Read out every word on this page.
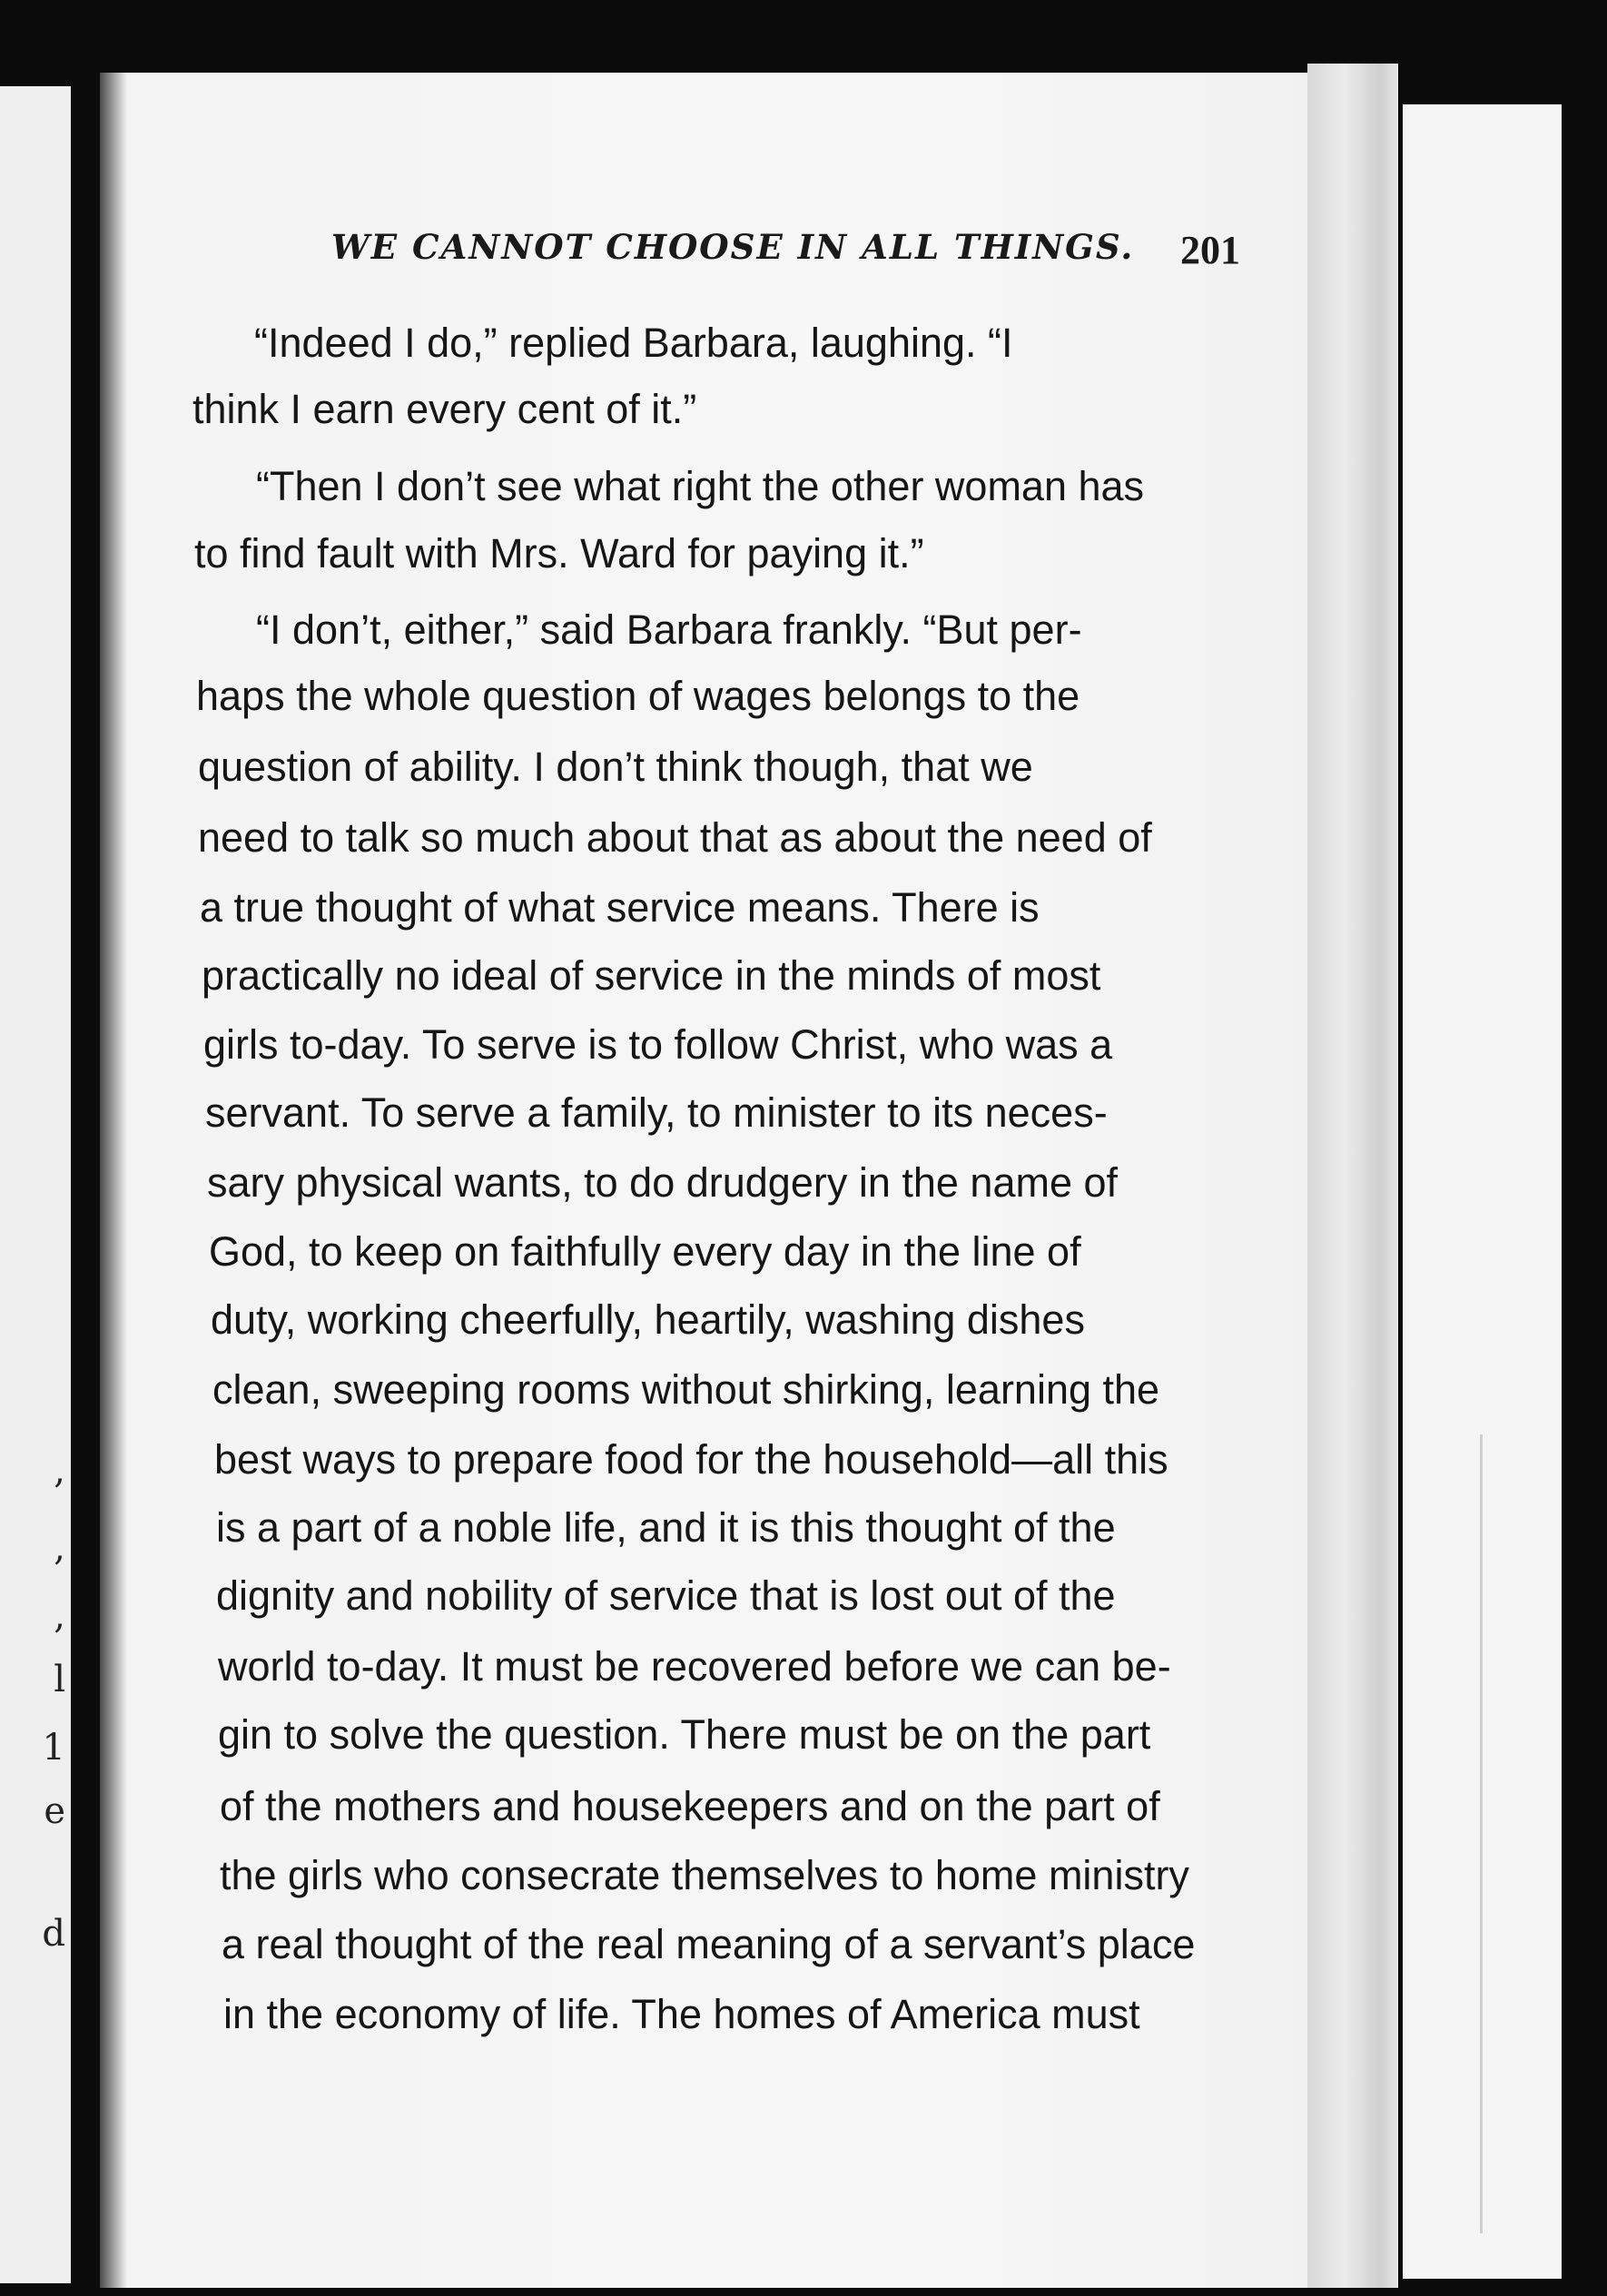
,
,
,
l
1
e
d
WE CANNOT CHOOSE IN ALL THINGS. 201
“Indeed I do,” replied Barbara, laughing. “I
think I earn every cent of it.”
“Then I don’t see what right the other woman has
to find fault with Mrs. Ward for paying it.”
“I don’t, either,” said Barbara frankly. “But per-
haps the whole question of wages belongs to the
question of ability. I don’t think though, that we
need to talk so much about that as about the need of
a true thought of what service means. There is
practically no ideal of service in the minds of most
girls to-day. To serve is to follow Christ, who was a
servant. To serve a family, to minister to its neces-
sary physical wants, to do drudgery in the name of
God, to keep on faithfully every day in the line of
duty, working cheerfully, heartily, washing dishes
clean, sweeping rooms without shirking, learning the
best ways to prepare food for the household—all this
is a part of a noble life, and it is this thought of the
dignity and nobility of service that is lost out of the
world to-day. It must be recovered before we can be-
gin to solve the question. There must be on the part
of the mothers and housekeepers and on the part of
the girls who consecrate themselves to home ministry
a real thought of the real meaning of a servant’s place
in the economy of life. The homes of America must
